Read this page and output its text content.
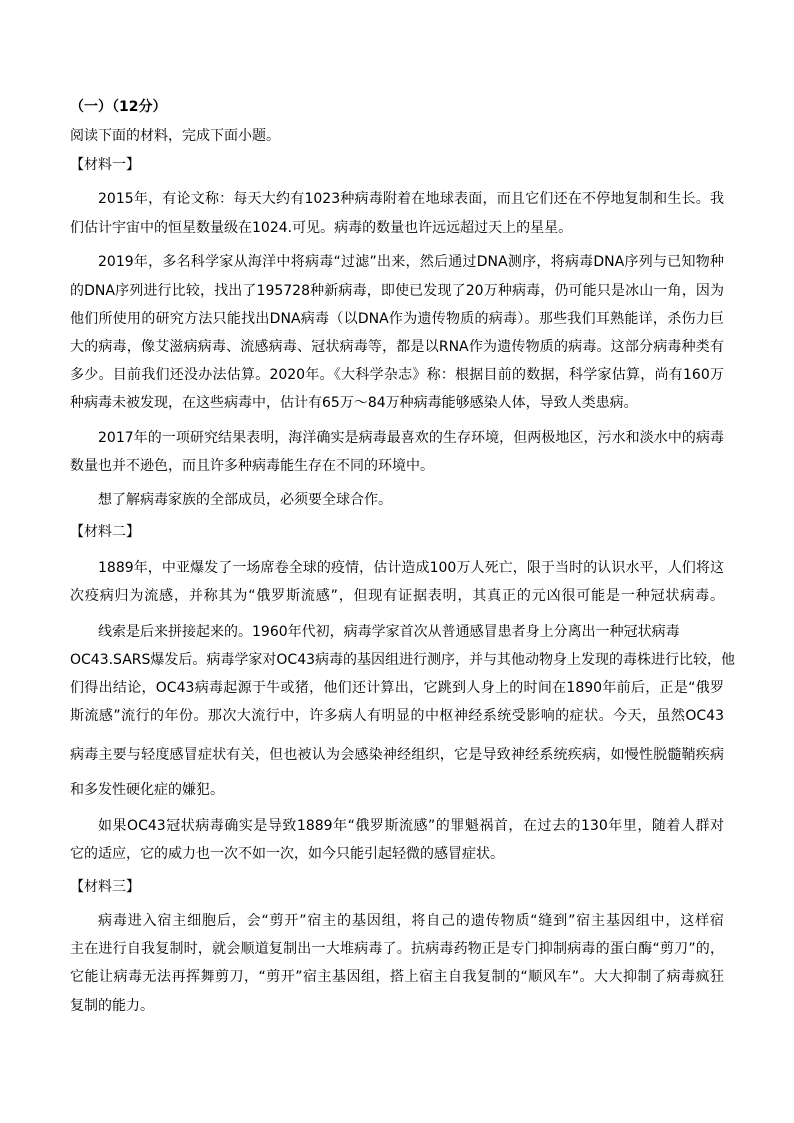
（一）（12分）
阅读下面的材料，完成下面小题。
【材料一】
2015年，有论文称：每天大约有1023种病毒附着在地球表面，而且它们还在不停地复制和生长。我
们估计宇宙中的恒星数量级在1024.可见。病毒的数量也许远远超过天上的星星。
2019年，多名科学家从海洋中将病毒“过滤”出来，然后通过DNA测序，将病毒DNA序列与已知物种
的DNA序列进行比较，找出了195728种新病毒，即使已发现了20万种病毒，仍可能只是冰山一角，因为
他们所使用的研究方法只能找出DNA病毒（以DNA作为遗传物质的病毒）。那些我们耳熟能详，杀伤力巨
大的病毒，像艾滋病病毒、流感病毒、冠状病毒等，都是以RNA作为遗传物质的病毒。这部分病毒种类有
多少。目前我们还没办法估算。2020年。《大科学杂志》称：根据目前的数据，科学家估算，尚有160万
种病毒未被发现，在这些病毒中，估计有65万～84万种病毒能够感染人体，导致人类患病。
2017年的一项研究结果表明，海洋确实是病毒最喜欢的生存环境，但两极地区，污水和淡水中的病毒
数量也并不逊色，而且许多种病毒能生存在不同的环境中。
想了解病毒家族的全部成员，必须要全球合作。
【材料二】
1889年，中亚爆发了一场席卷全球的疫情，估计造成100万人死亡，限于当时的认识水平，人们将这
次疫病归为流感，并称其为“俄罗斯流感”，但现有证据表明，其真正的元凶很可能是一种冠状病毒。
线索是后来拼接起来的。1960年代初，病毒学家首次从普通感冒患者身上分离出一种冠状病毒
OC43.SARS爆发后。病毒学家对OC43病毒的基因组进行测序，并与其他动物身上发现的毒株进行比较，他
们得出结论，OC43病毒起源于牛或猪，他们还计算出，它跳到人身上的时间在1890年前后，正是“俄罗
斯流感”流行的年份。那次大流行中，许多病人有明显的中枢神经系统受影响的症状。今天，虽然OC43
病毒主要与轻度感冒症状有关，但也被认为会感染神经组织，它是导致神经系统疾病，如慢性脱髓鞘疾病
和多发性硬化症的嫌犯。
如果OC43冠状病毒确实是导致1889年“俄罗斯流感”的罪魁祸首，在过去的130年里，随着人群对
它的适应，它的威力也一次不如一次，如今只能引起轻微的感冒症状。
【材料三】
病毒进入宿主细胞后，会“剪开”宿主的基因组，将自己的遗传物质“缝到”宿主基因组中，这样宿
主在进行自我复制时，就会顺道复制出一大堆病毒了。抗病毒药物正是专门抑制病毒的蛋白酶“剪刀”的，
它能让病毒无法再挥舞剪刀，“剪开”宿主基因组，搭上宿主自我复制的“顺风车”。大大抑制了病毒疯狂
复制的能力。
